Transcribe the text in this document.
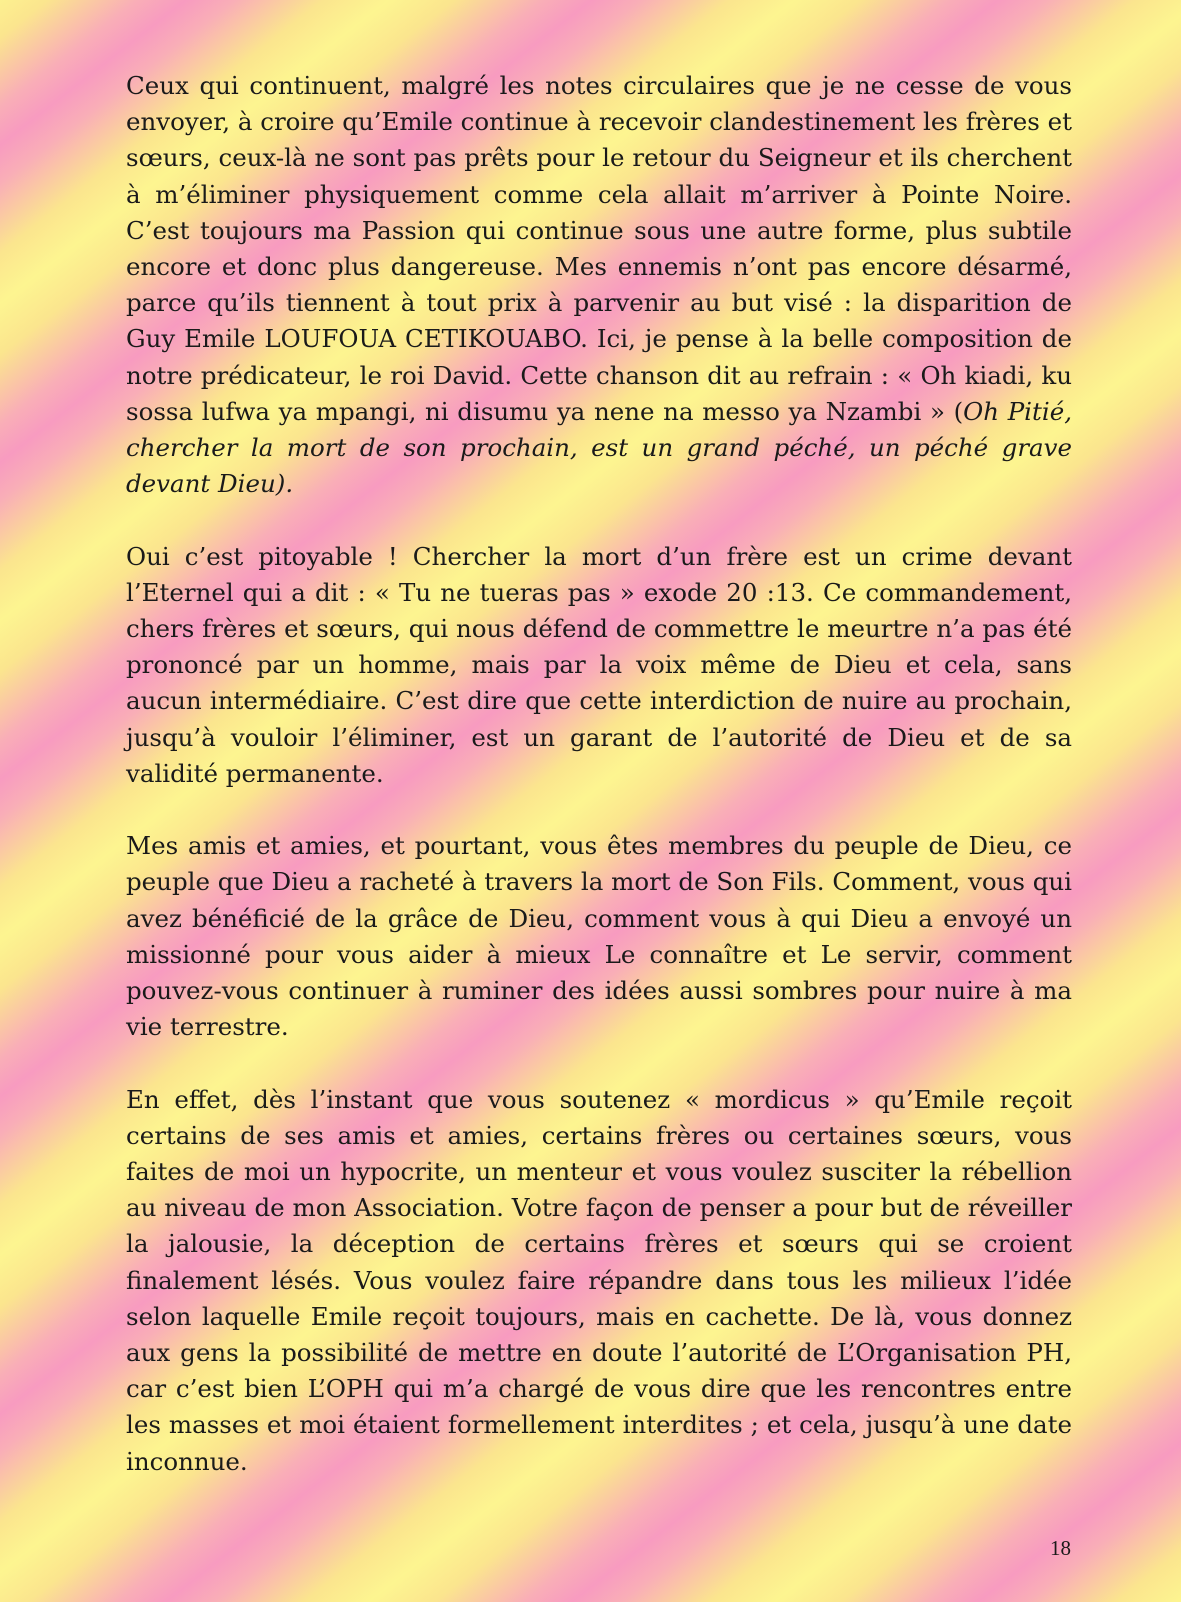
Ceux qui continuent, malgré les notes circulaires que je ne cesse de vous envoyer, à croire qu’Emile continue à recevoir clandestinement les frères et sœurs, ceux-là ne sont pas prêts pour le retour du Seigneur et ils cherchent à m’éliminer physiquement comme cela allait m’arriver à Pointe Noire. C’est toujours ma Passion qui continue sous une autre forme, plus subtile encore et donc plus dangereuse. Mes ennemis n’ont pas encore désarmé, parce qu’ils tiennent à tout prix à parvenir au but visé : la disparition de Guy Emile LOUFOUA CETIKOUABO. Ici, je pense à la belle composition de notre prédicateur, le roi David. Cette chanson dit au refrain : « Oh kiadi, ku sossa lufwa ya mpangi, ni disumu ya nene na messo ya Nzambi » (Oh Pitié, chercher la mort de son prochain, est un grand péché, un péché grave devant Dieu).

Oui c’est pitoyable ! Chercher la mort d’un frère est un crime devant l’Eternel qui a dit : « Tu ne tueras pas » exode 20 :13. Ce commandement, chers frères et sœurs, qui nous défend de commettre le meurtre n’a pas été prononcé par un homme, mais par la voix même de Dieu et cela, sans aucun intermédiaire. C’est dire que cette interdiction de nuire au prochain, jusqu’à vouloir l’éliminer, est un garant de l’autorité de Dieu et de sa validité permanente.

Mes amis et amies, et pourtant, vous êtes membres du peuple de Dieu, ce peuple que Dieu a racheté à travers la mort de Son Fils. Comment, vous qui avez bénéficié de la grâce de Dieu, comment vous à qui Dieu a envoyé un missionné pour vous aider à mieux Le connaître et Le servir, comment pouvez-vous continuer à ruminer des idées aussi sombres pour nuire à ma vie terrestre.

En effet, dès l’instant que vous soutenez « mordicus » qu’Emile reçoit certains de ses amis et amies, certains frères ou certaines sœurs, vous faites de moi un hypocrite, un menteur et vous voulez susciter la rébellion au niveau de mon Association. Votre façon de penser a pour but de réveiller la jalousie, la déception de certains frères et sœurs qui se croient finalement lésés. Vous voulez faire répandre dans tous les milieux l’idée selon laquelle Emile reçoit toujours, mais en cachette. De là, vous donnez aux gens la possibilité de mettre en doute l’autorité de L’Organisation PH, car c’est bien L’OPH qui m’a chargé de vous dire que les rencontres entre les masses et moi étaient formellement interdites ; et cela, jusqu’à une date inconnue.

18
